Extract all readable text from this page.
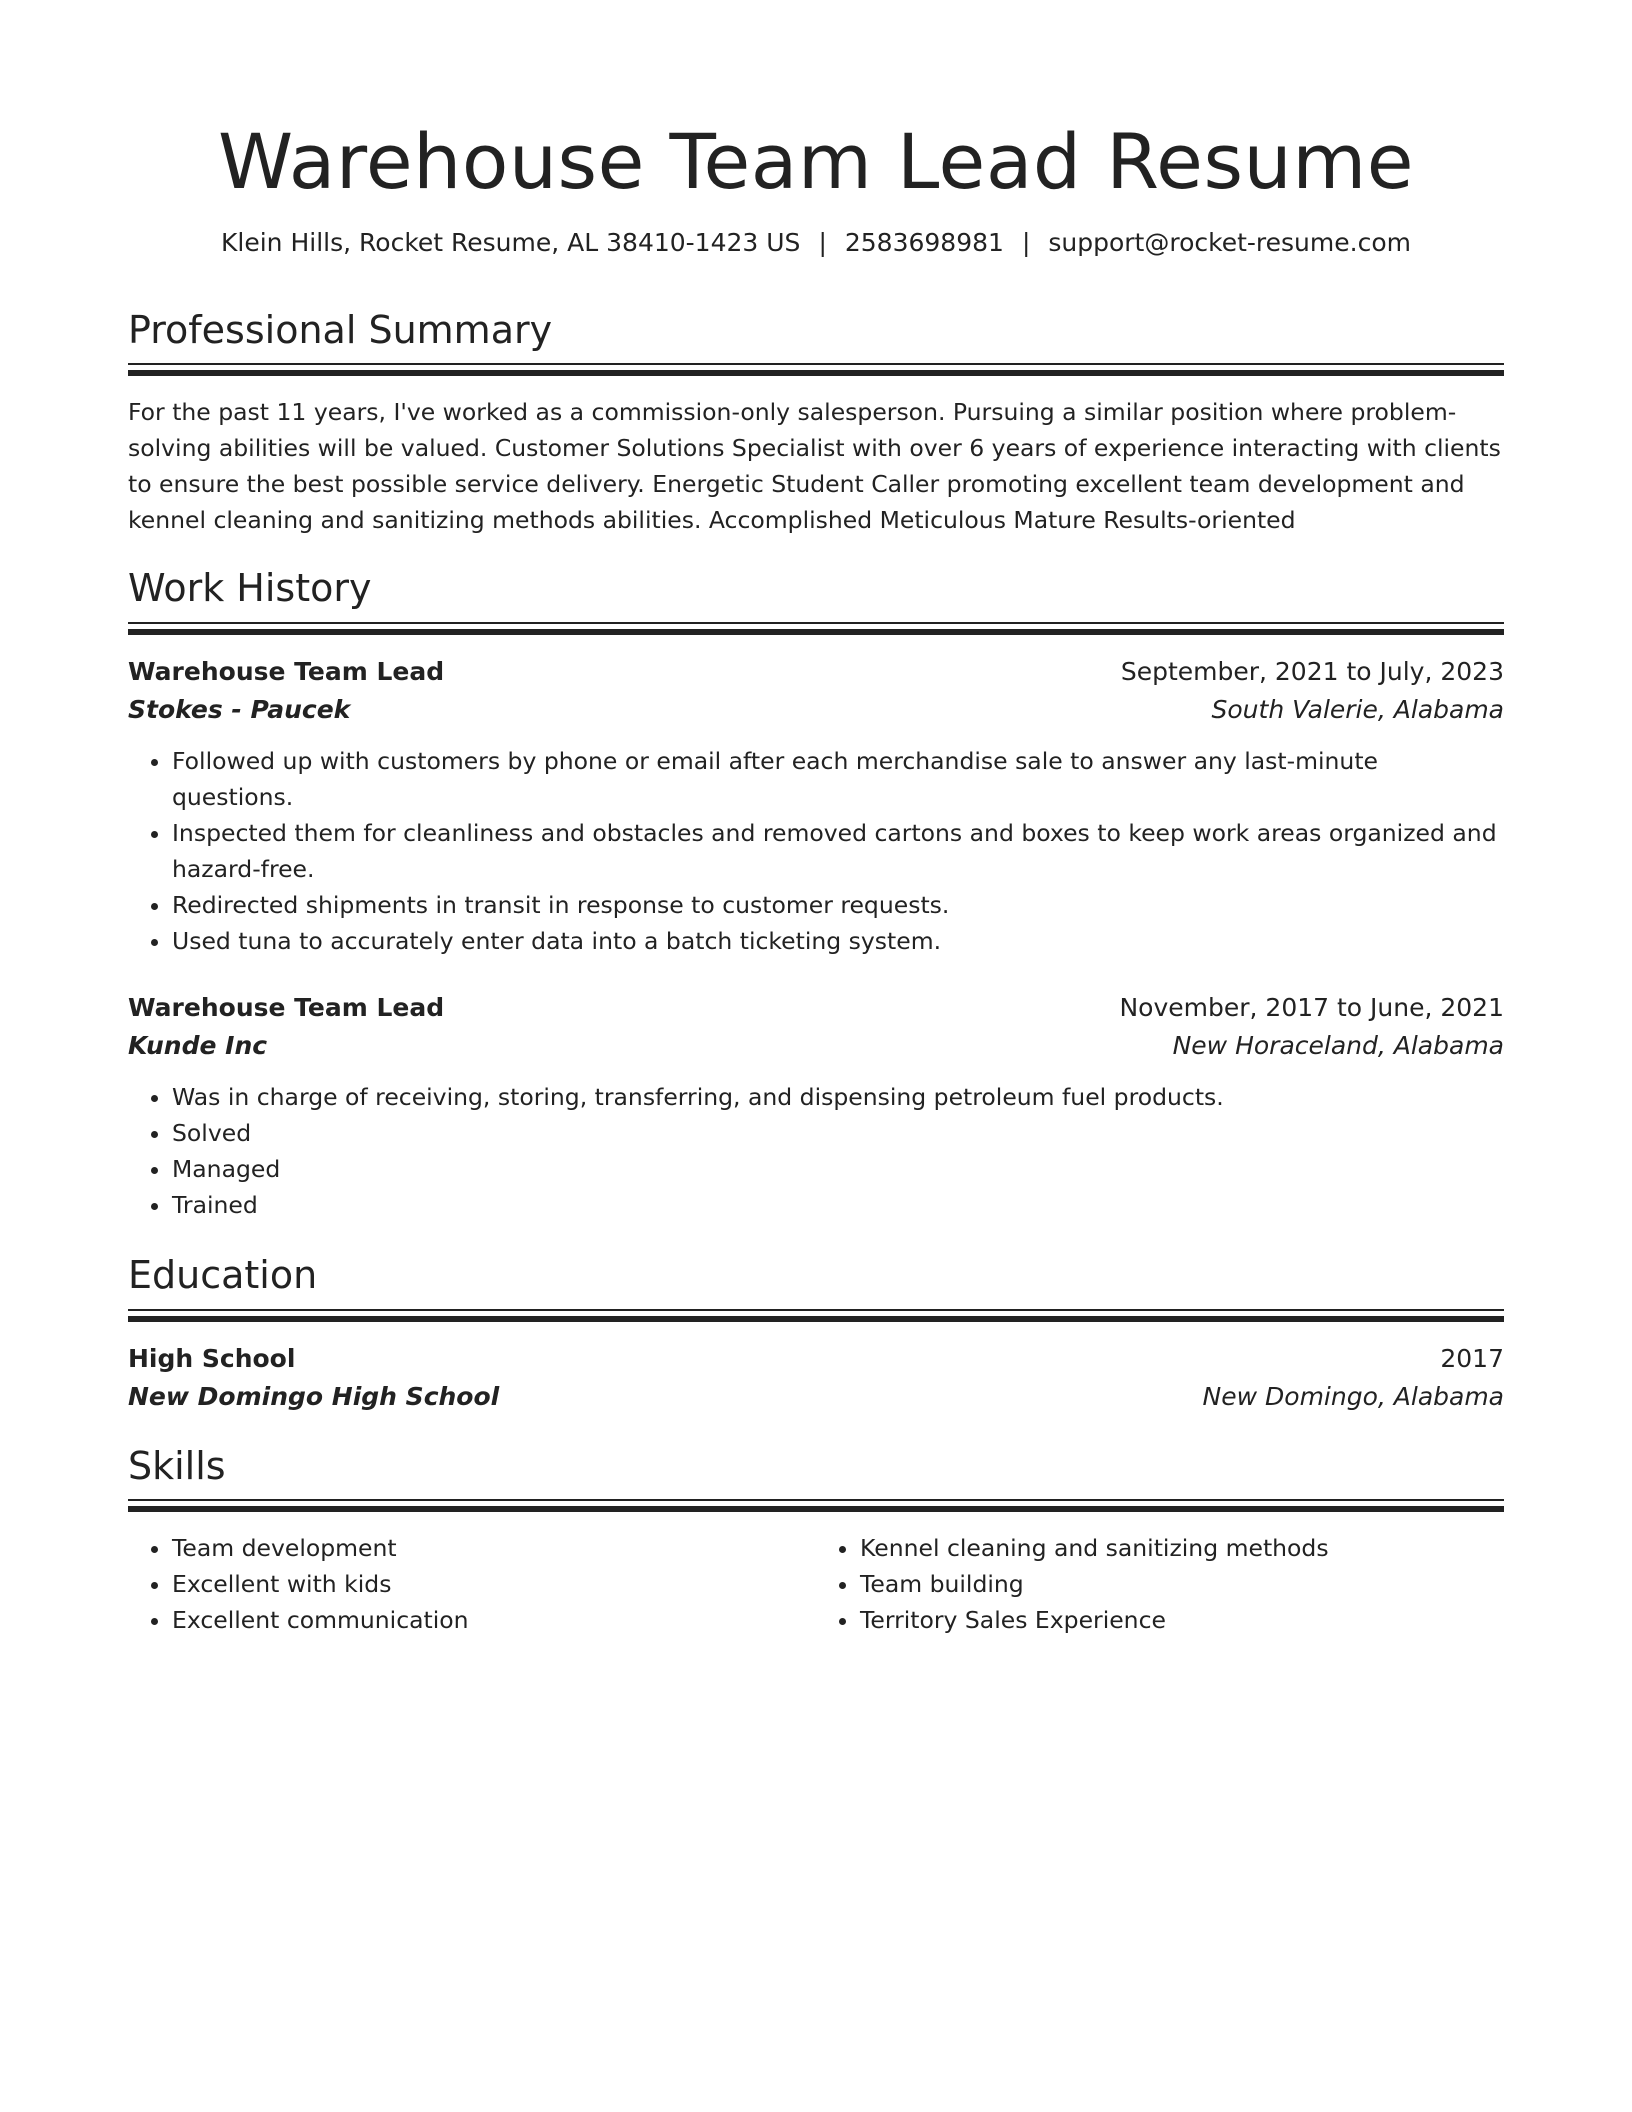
Warehouse Team Lead Resume
Klein Hills, Rocket Resume, AL 38410-1423 US | 2583698981 | support@rocket-resume.com
Professional Summary

For the past 11 years, I've worked as a commission-only salesperson. Pursuing a similar position where problem-solving abilities will be valued. Customer Solutions Specialist with over 6 years of experience interacting with clients to ensure the best possible service delivery. Energetic Student Caller promoting excellent team development and kennel cleaning and sanitizing methods abilities. Accomplished Meticulous Mature Results-oriented

Work History
Warehouse Team Lead	September, 2021 to July, 2023
Stokes - Paucek	South Valerie, Alabama
• Followed up with customers by phone or email after each merchandise sale to answer any last-minute questions.
• Inspected them for cleanliness and obstacles and removed cartons and boxes to keep work areas organized and hazard-free.
• Redirected shipments in transit in response to customer requests.
• Used tuna to accurately enter data into a batch ticketing system.
Warehouse Team Lead	November, 2017 to June, 2021
Kunde Inc	New Horaceland, Alabama
• Was in charge of receiving, storing, transferring, and dispensing petroleum fuel products.
• Solved
• Managed
• Trained
Education
High School	2017
New Domingo High School	New Domingo, Alabama
Skills
• Team development
• Excellent with kids
• Excellent communication
• Kennel cleaning and sanitizing methods
• Team building
• Territory Sales Experience
